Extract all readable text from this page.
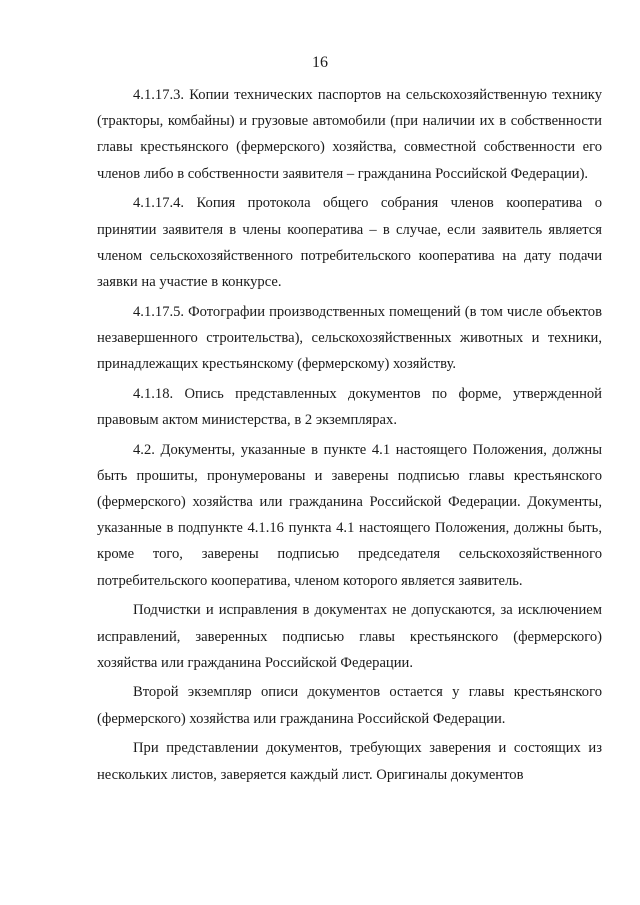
16

4.1.17.3. Копии технических паспортов на сельскохозяйственную технику (тракторы, комбайны) и грузовые автомобили (при наличии их в собственности главы крестьянского (фермерского) хозяйства, совместной собственности его членов либо в собственности заявителя – гражданина Российской Федерации).

4.1.17.4. Копия протокола общего собрания членов кооператива о принятии заявителя в члены кооператива – в случае, если заявитель является членом сельскохозяйственного потребительского кооператива на дату подачи заявки на участие в конкурсе.

4.1.17.5. Фотографии производственных помещений (в том числе объектов незавершенного строительства), сельскохозяйственных животных и техники, принадлежащих крестьянскому (фермерскому) хозяйству.

4.1.18. Опись представленных документов по форме, утвержденной правовым актом министерства, в 2 экземплярах.

4.2. Документы, указанные в пункте 4.1 настоящего Положения, должны быть прошиты, пронумерованы и заверены подписью главы крестьянского (фермерского) хозяйства или гражданина Российской Федерации. Документы, указанные в подпункте 4.1.16 пункта 4.1 настоящего Положения, должны быть, кроме того, заверены подписью председателя сельскохозяйственного потребительского кооператива, членом которого является заявитель.

Подчистки и исправления в документах не допускаются, за исключением исправлений, заверенных подписью главы крестьянского (фермерского) хозяйства или гражданина Российской Федерации.

Второй экземпляр описи документов остается у главы крестьянского (фермерского) хозяйства или гражданина Российской Федерации.

При представлении документов, требующих заверения и состоящих из нескольких листов, заверяется каждый лист. Оригиналы документов
